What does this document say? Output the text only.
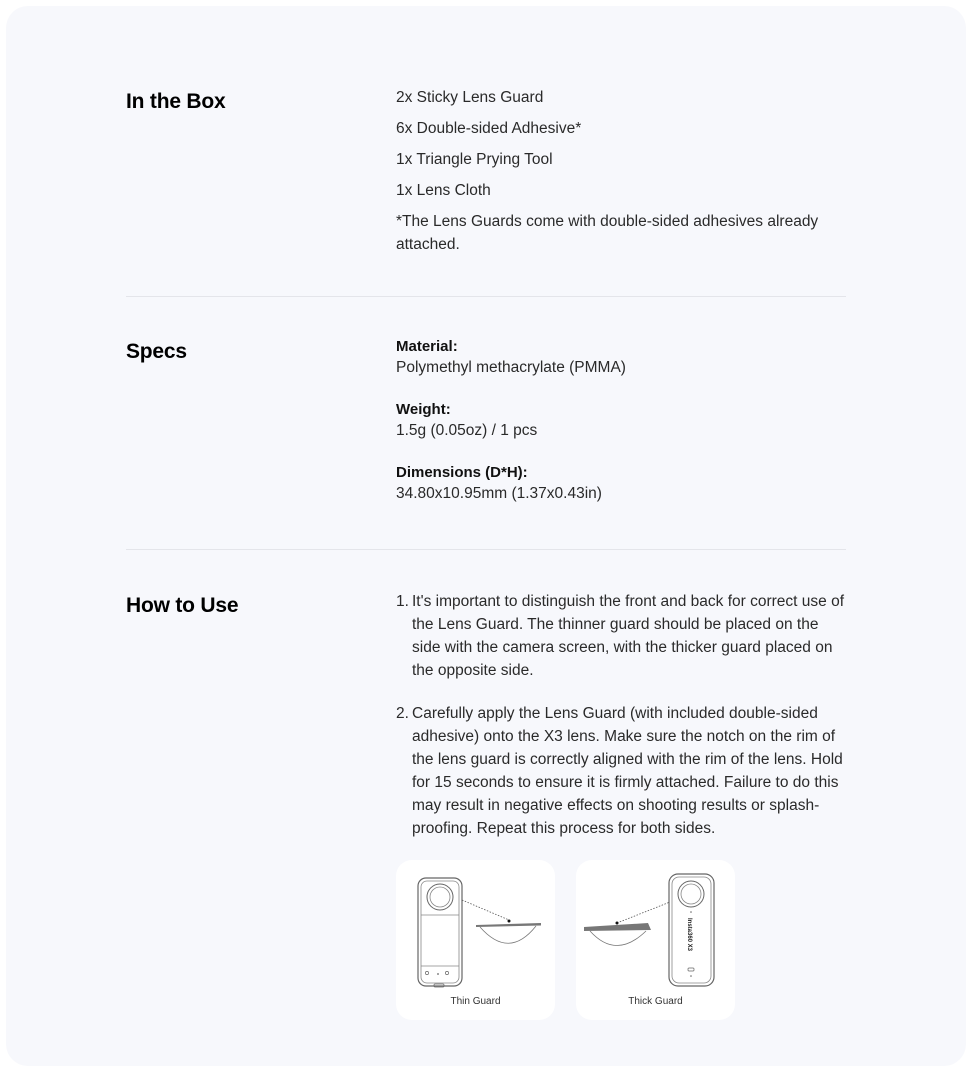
In the Box	2x Sticky Lens Guard
6x Double-sided Adhesive*
1x Triangle Prying Tool
1x Lens Cloth
*The Lens Guards come with double-sided adhesives already attached.
Specs	Material:
Polymethyl methacrylate (PMMA)
Weight:
1.5g (0.05oz) / 1 pcs
Dimensions (D*H):
34.80x10.95mm (1.37x0.43in)
How to Use	1. It's important to distinguish the front and back for correct use of the Lens Guard. The thinner guard should be placed on the side with the camera screen, with the thicker guard placed on the opposite side.
2. Carefully apply the Lens Guard (with included double-sided adhesive) onto the X3 lens. Make sure the notch on the rim of the lens guard is correctly aligned with the rim of the lens. Hold for 15 seconds to ensure it is firmly attached. Failure to do this may result in negative effects on shooting results or splash-proofing. Repeat this process for both sides.
Thin Guard
Insta360 X3
Thick Guard
